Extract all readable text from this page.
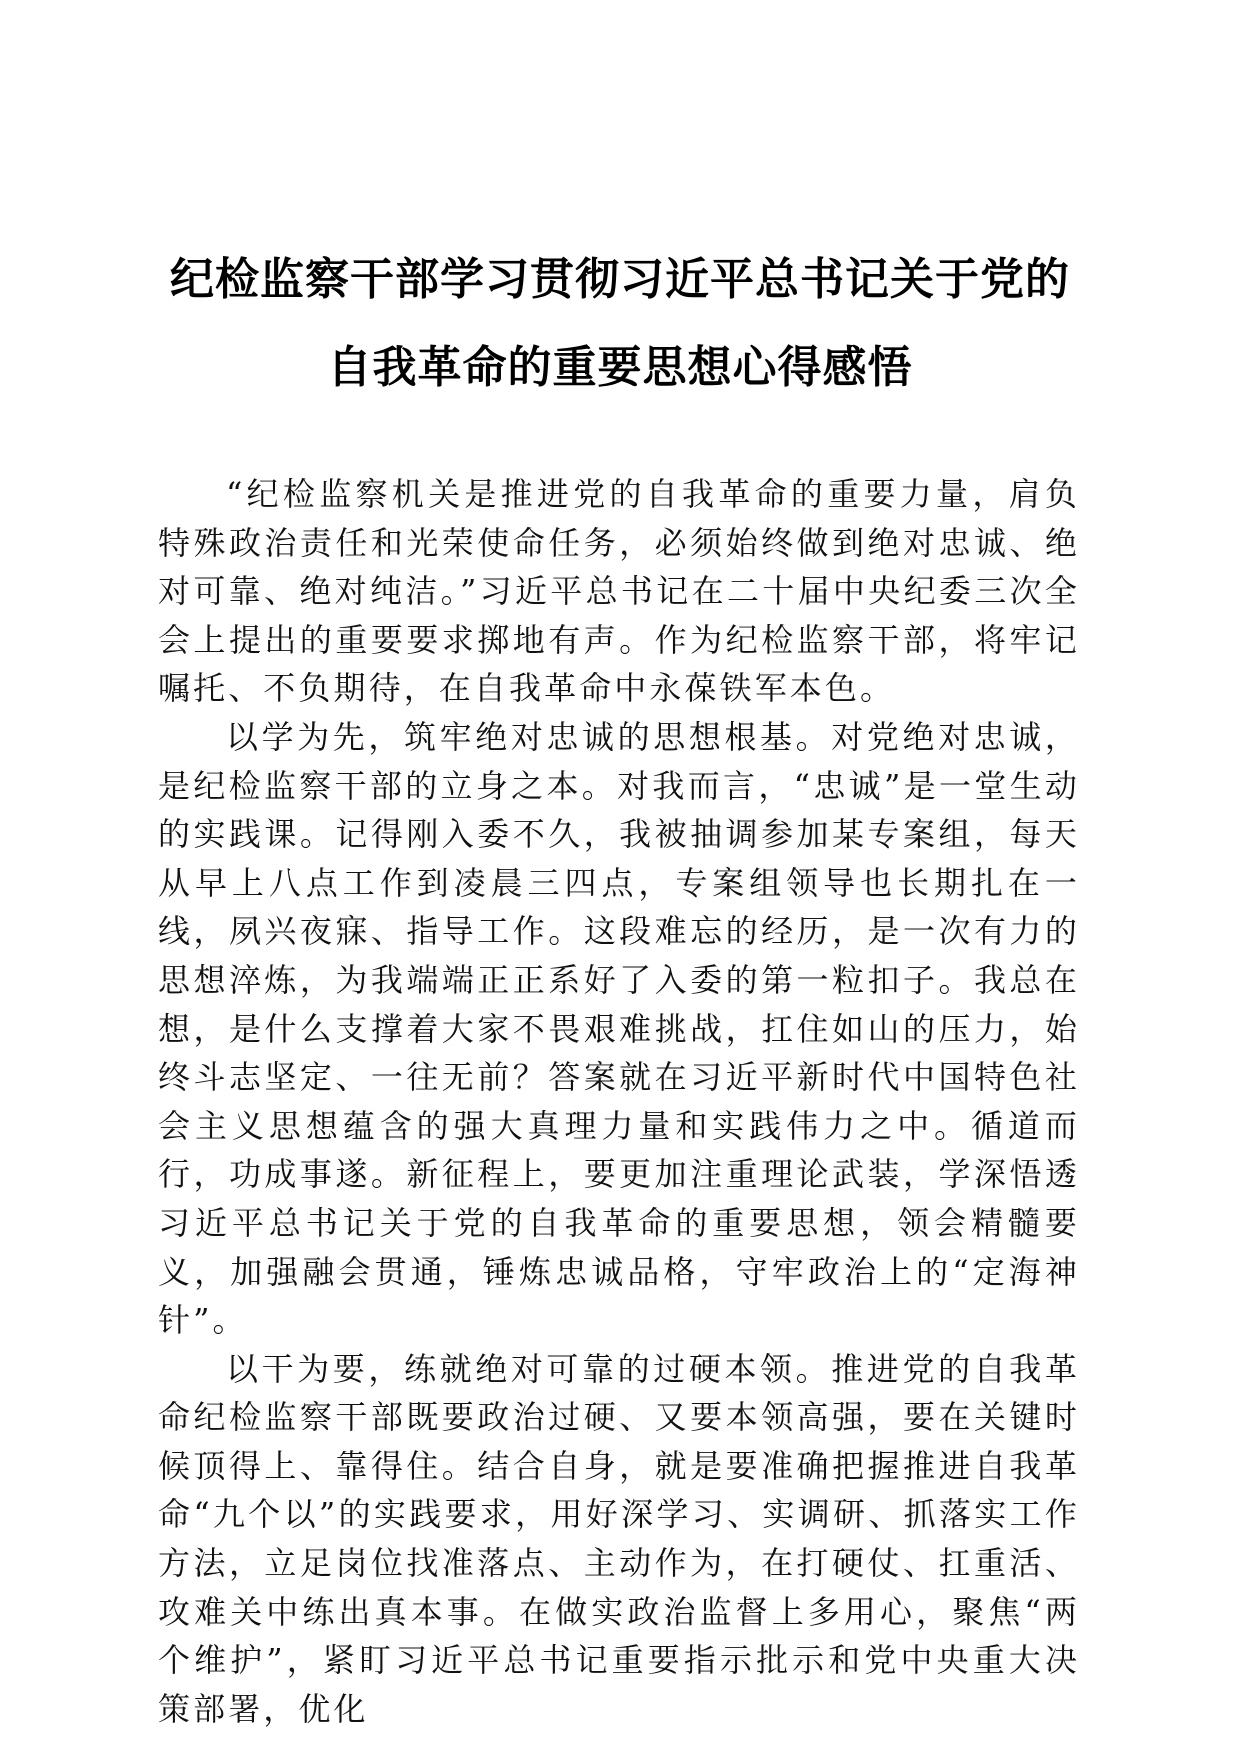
纪检监察干部学习贯彻习近平总书记关于党的
自我革命的重要思想心得感悟

“纪检监察机关是推进党的自我革命的重要力量，肩负特殊政治责任和光荣使命任务，必须始终做到绝对忠诚、绝对可靠、绝对纯洁。”习近平总书记在二十届中央纪委三次全会上提出的重要要求掷地有声。作为纪检监察干部，将牢记嘱托、不负期待，在自我革命中永葆铁军本色。

以学为先，筑牢绝对忠诚的思想根基。对党绝对忠诚，是纪检监察干部的立身之本。对我而言，“忠诚”是一堂生动的实践课。记得刚入委不久，我被抽调参加某专案组，每天从早上八点工作到凌晨三四点，专案组领导也长期扎在一线，夙兴夜寐、指导工作。这段难忘的经历，是一次有力的思想淬炼，为我端端正正系好了入委的第一粒扣子。我总在想，是什么支撑着大家不畏艰难挑战，扛住如山的压力，始终斗志坚定、一往无前？答案就在习近平新时代中国特色社会主义思想蕴含的强大真理力量和实践伟力之中。循道而行，功成事遂。新征程上，要更加注重理论武装，学深悟透习近平总书记关于党的自我革命的重要思想，领会精髓要义，加强融会贯通，锤炼忠诚品格，守牢政治上的“定海神针”。

以干为要，练就绝对可靠的过硬本领。推进党的自我革命纪检监察干部既要政治过硬、又要本领高强，要在关键时候顶得上、靠得住。结合自身，就是要准确把握推进自我革命“九个以”的实践要求，用好深学习、实调研、抓落实工作方法，立足岗位找准落点、主动作为，在打硬仗、扛重活、攻难关中练出真本事。在做实政治监督上多用心，聚焦“两个维护”，紧盯习近平总书记重要指示批示和党中央重大决策部署，优化
